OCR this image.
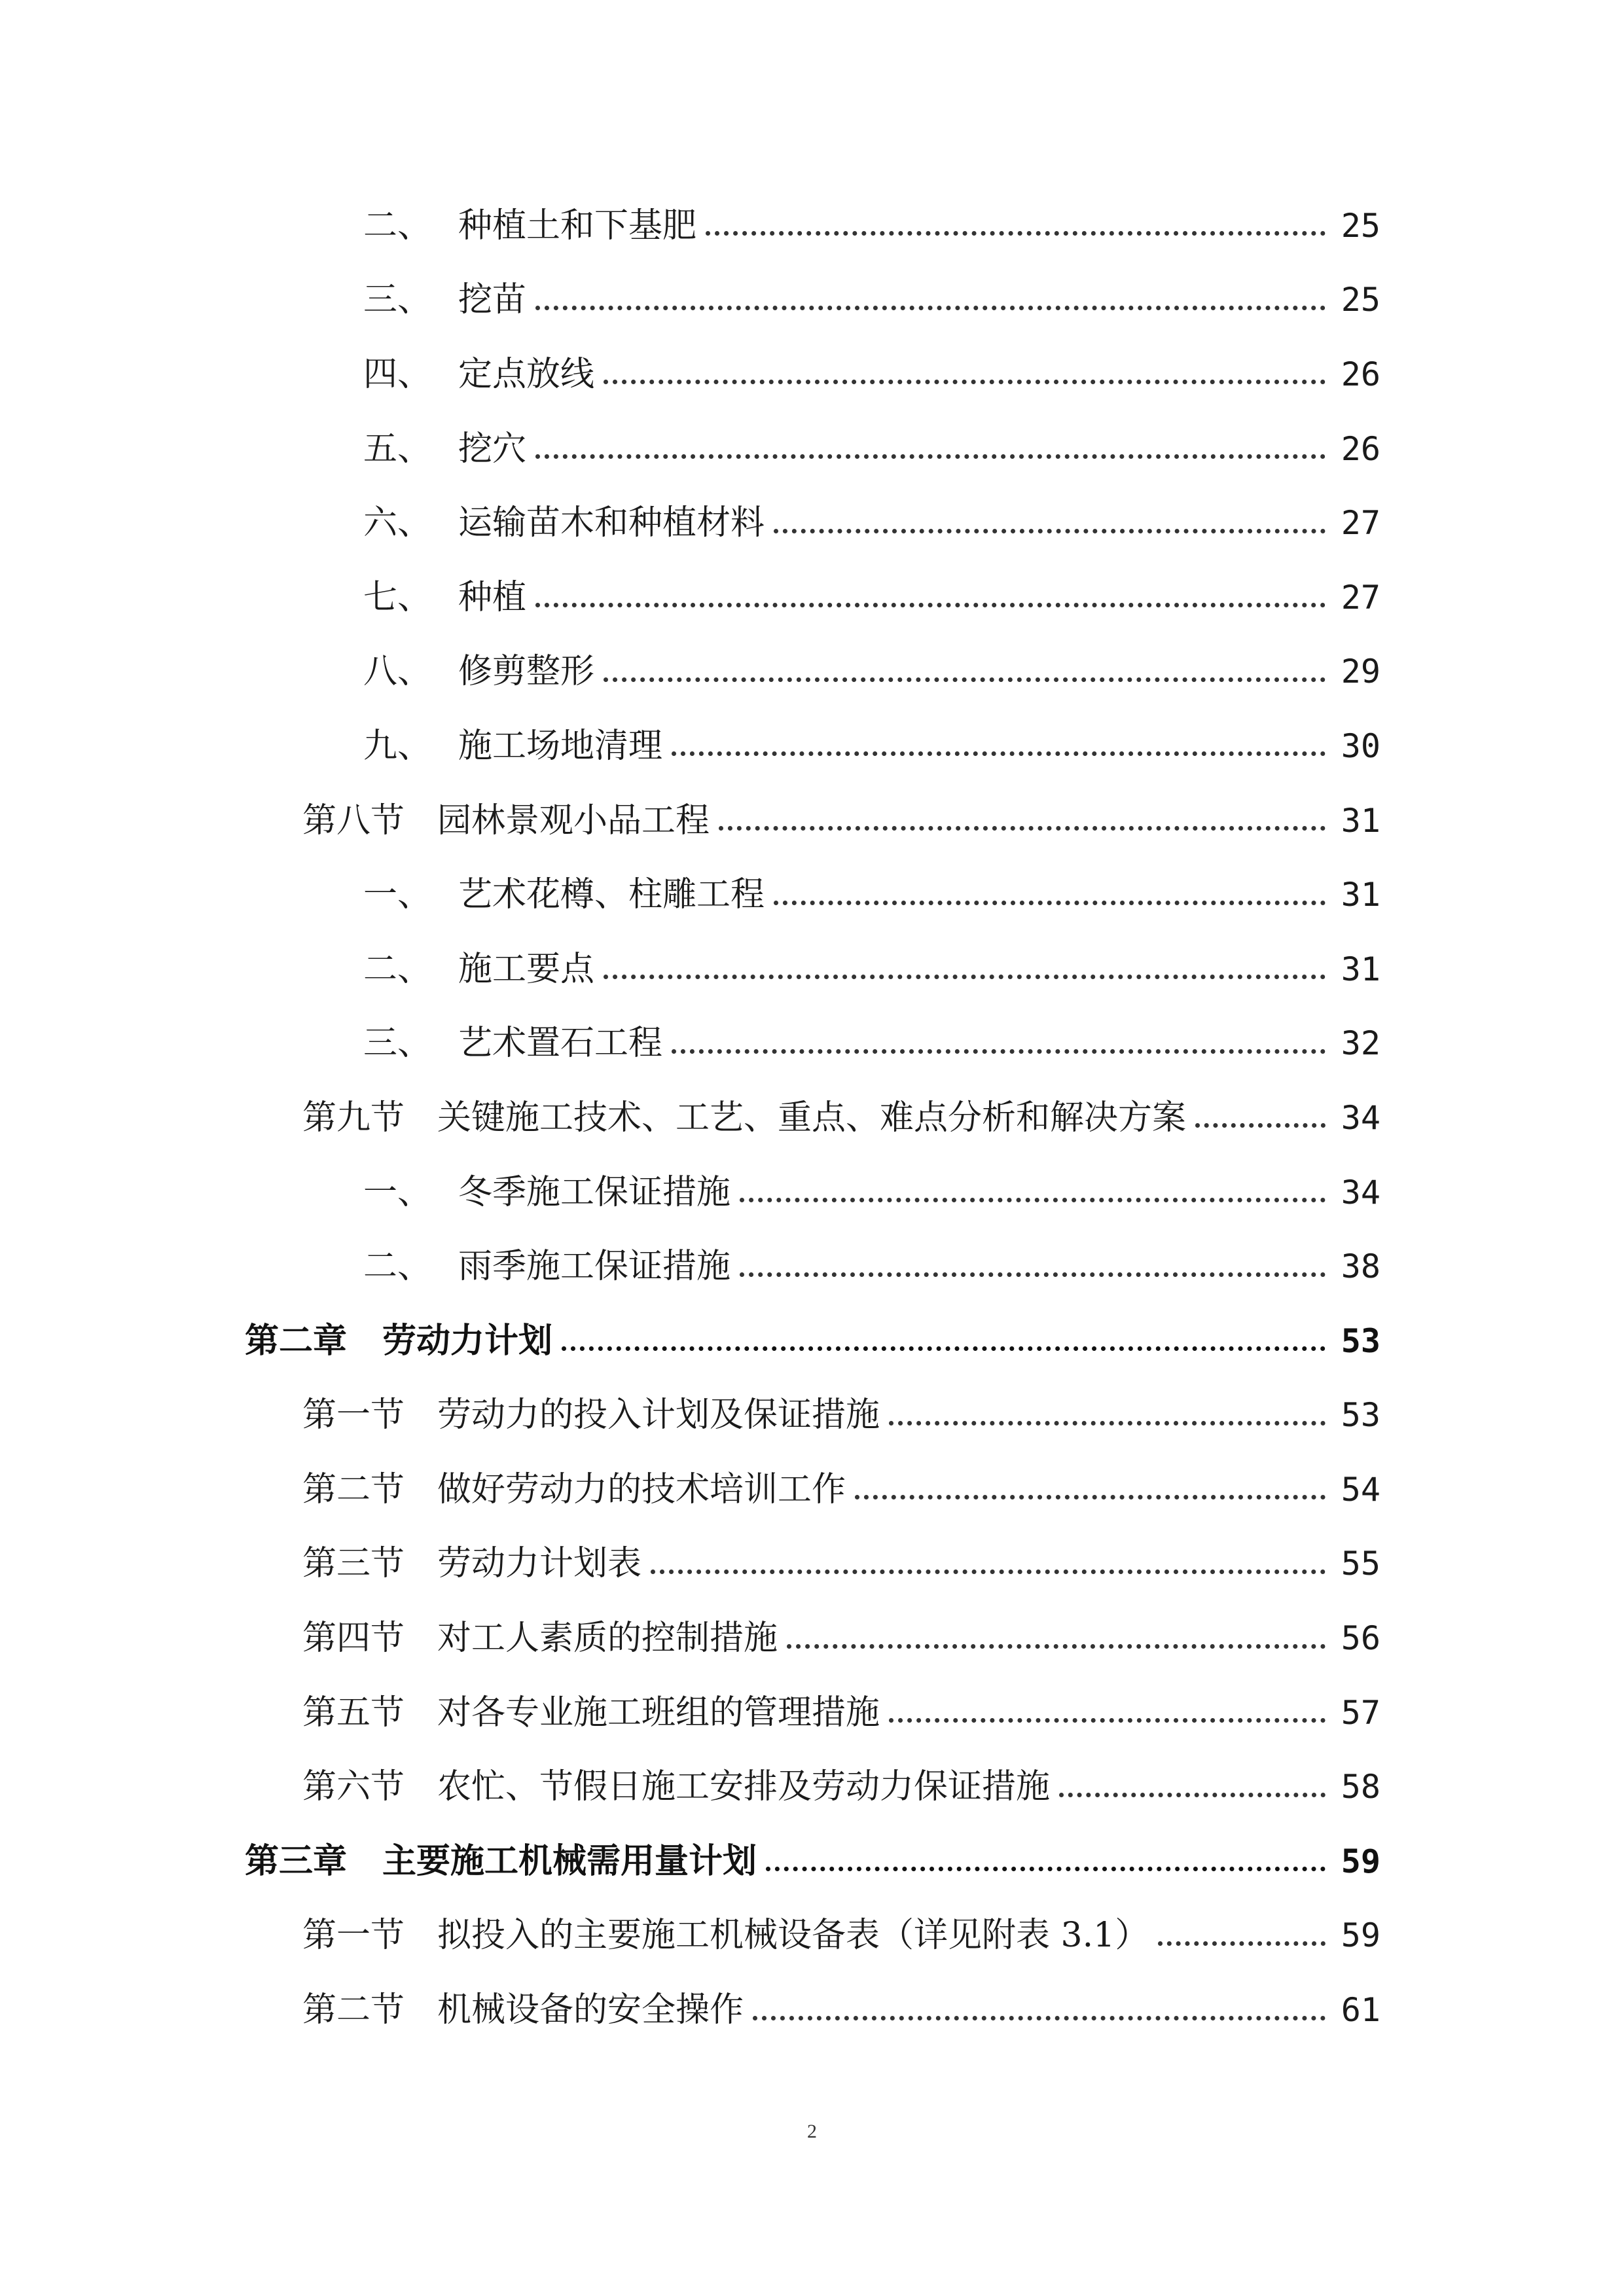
二、 种植土和下基肥	25
三、 挖苗	25
四、 定点放线	26
五、 挖穴	26
六、 运输苗木和种植材料	27
七、 种植	27
八、 修剪整形	29
九、 施工场地清理	30
第八节 园林景观小品工程	31
一、 艺术花樽、柱雕工程	31
二、 施工要点	31
三、 艺术置石工程	32
第九节 关键施工技术、工艺、重点、难点分析和解决方案	34
一、 冬季施工保证措施	34
二、 雨季施工保证措施	38
第二章	劳动力计划	53
第一节 劳动力的投入计划及保证措施	53
第二节 做好劳动力的技术培训工作	54
第三节 劳动力计划表	55
第四节 对工人素质的控制措施	56
第五节 对各专业施工班组的管理措施	57
第六节 农忙、节假日施工安排及劳动力保证措施	58
第三章	主要施工机械需用量计划	59
第一节 拟投入的主要施工机械设备表（详见附表 3.1）	59
第二节 机械设备的安全操作	61
2
